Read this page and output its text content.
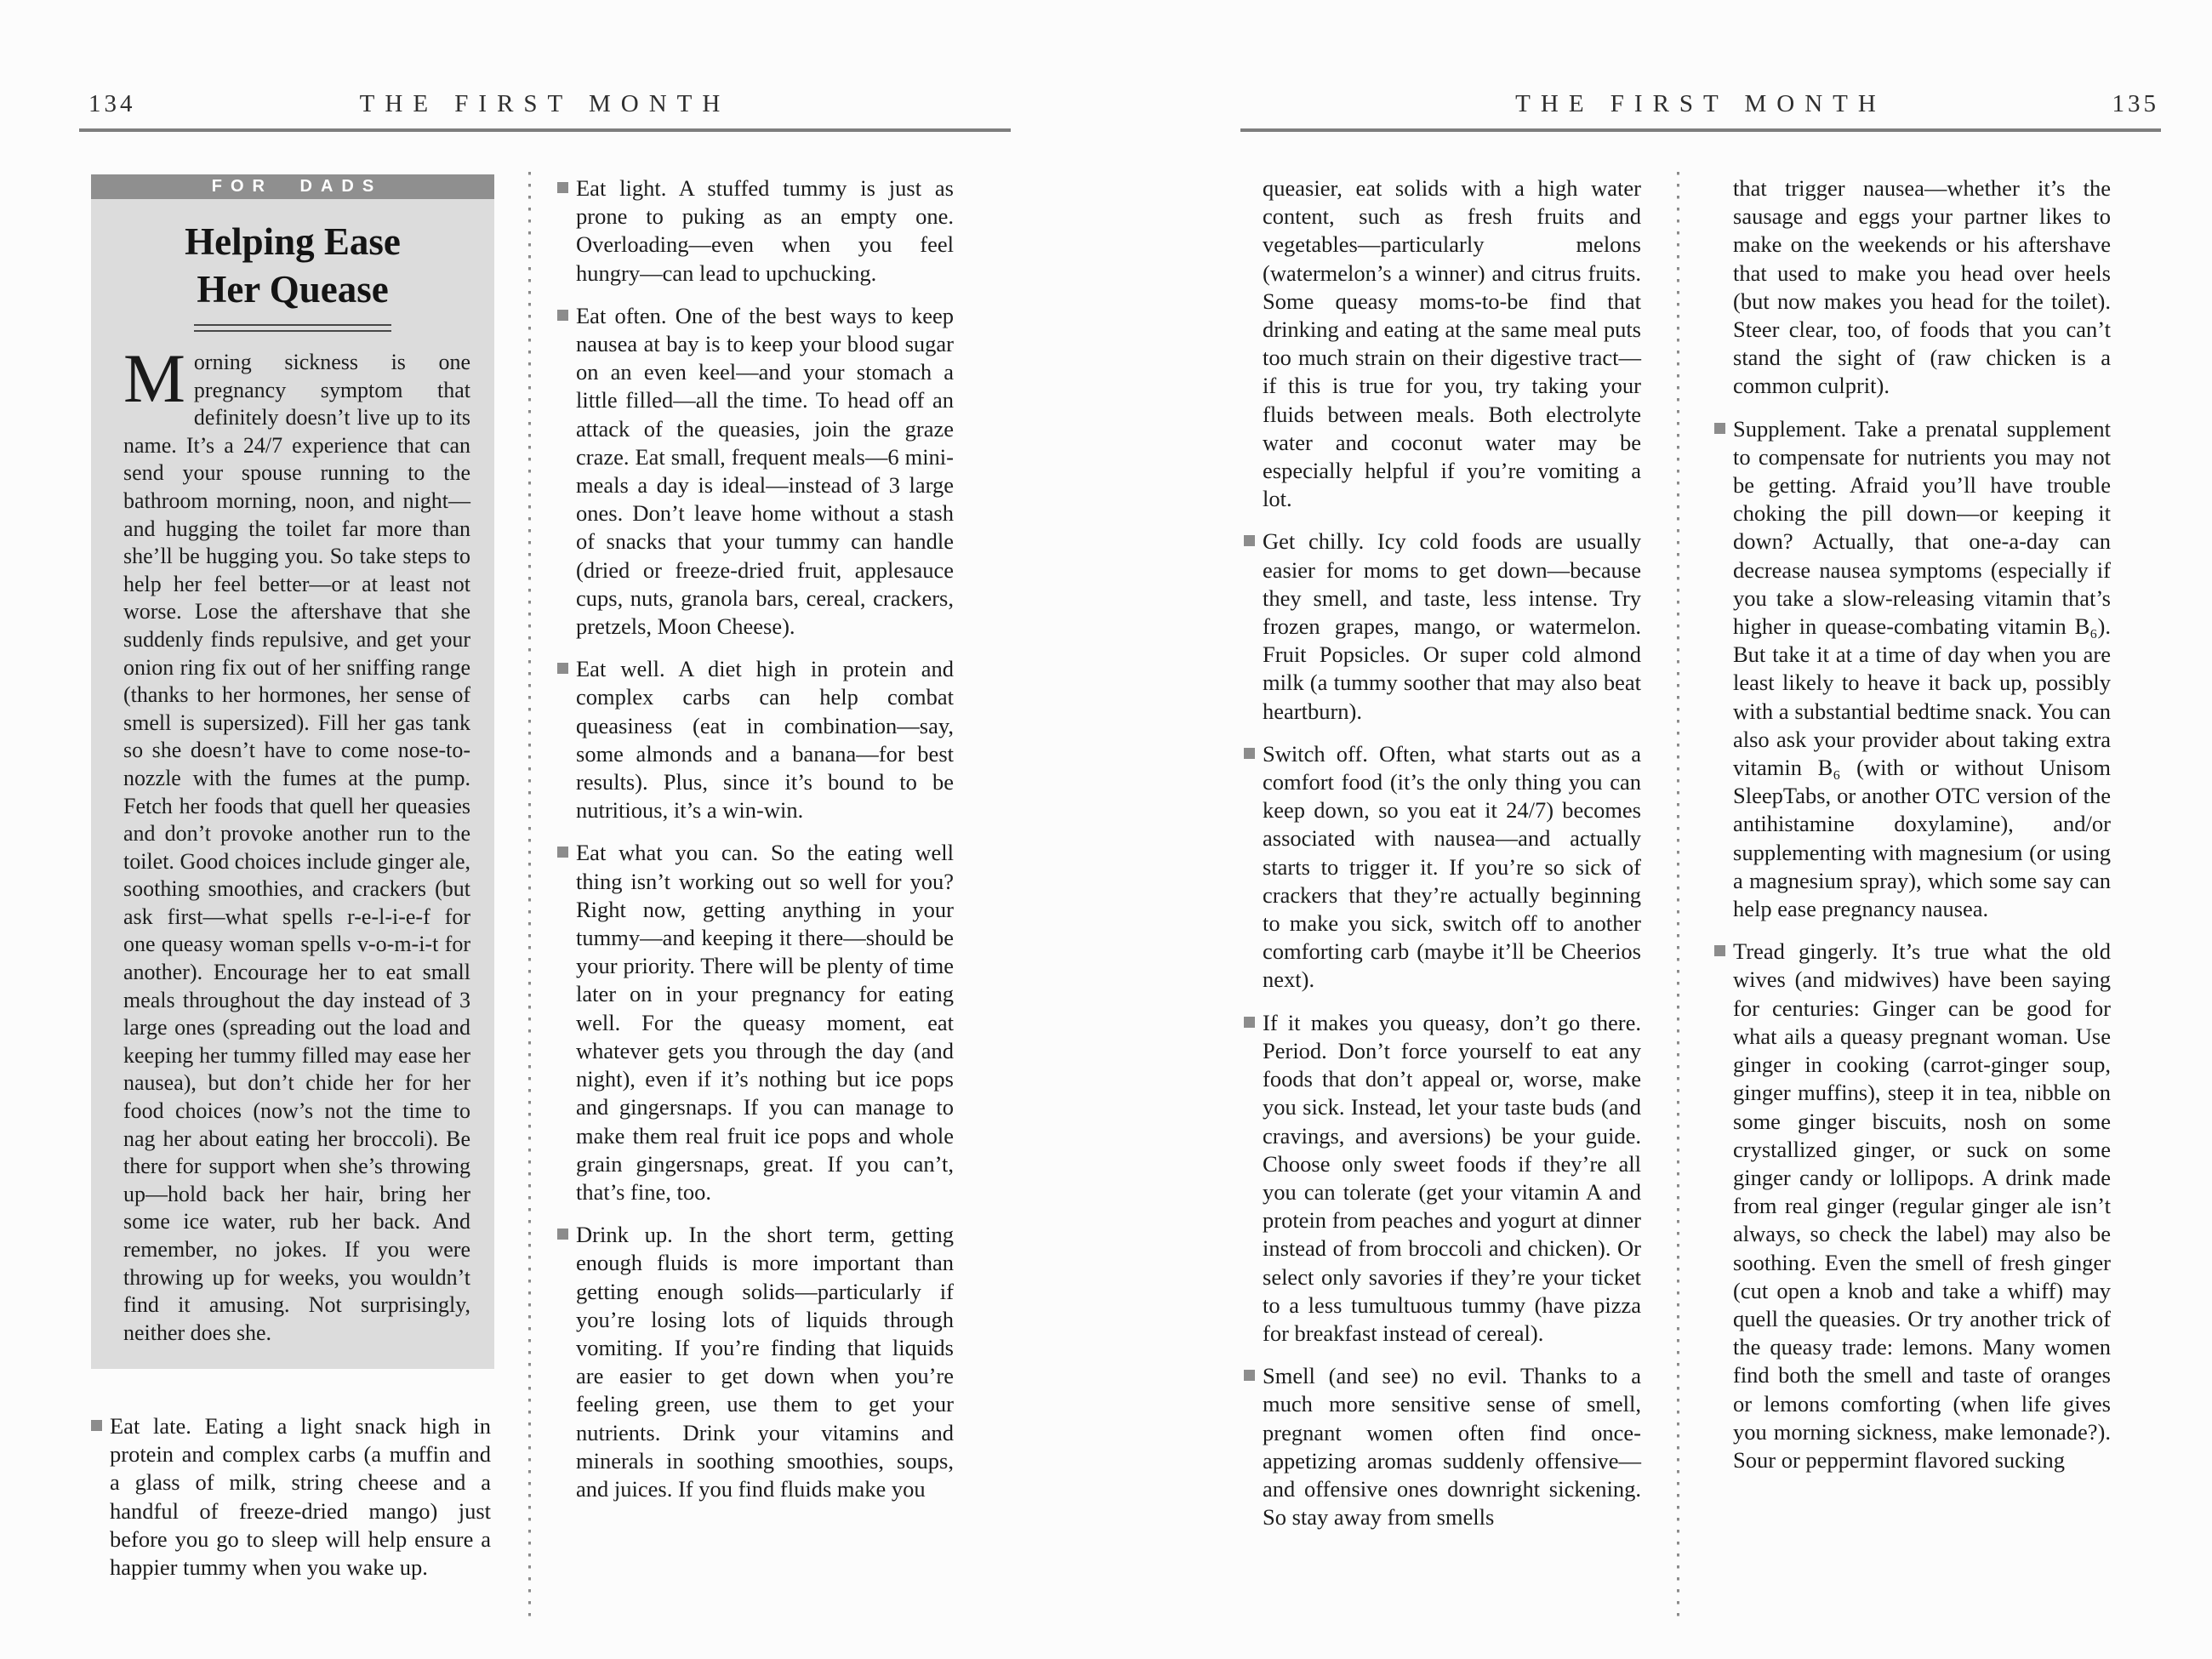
134	THE FIRST MONTH	THE FIRST MONTH	135
FOR DADS
Helping Ease
Her Quease
Morning sickness is one pregnancy symptom that definitely doesn’t live up to its name. It’s a 24/7 experience that can send your spouse running to the bathroom morning, noon, and night—and hugging the toilet far more than she’ll be hugging you. So take steps to help her feel better—or at least not worse. Lose the aftershave that she suddenly finds repulsive, and get your onion ring fix out of her sniffing range (thanks to her hormones, her sense of smell is supersized). Fill her gas tank so she doesn’t have to come nose-to-nozzle with the fumes at the pump. Fetch her foods that quell her queasies and don’t provoke another run to the toilet. Good choices include ginger ale, soothing smoothies, and crackers (but ask first—what spells r-e-l-i-e-f for one queasy woman spells v-o-m-i-t for another). Encourage her to eat small meals throughout the day instead of 3 large ones (spreading out the load and keeping her tummy filled may ease her nausea), but don’t chide her for her food choices (now’s not the time to nag her about eating her broccoli). Be there for support when she’s throwing up—hold back her hair, bring her some ice water, rub her back. And remember, no jokes. If you were throwing up for weeks, you wouldn’t find it amusing. Not surprisingly, neither does she.

Eat late. Eating a light snack high in protein and complex carbs (a muffin and a glass of milk, string cheese and a handful of freeze-dried mango) just before you go to sleep will help ensure a happier tummy when you wake up.

Eat light. A stuffed tummy is just as prone to puking as an empty one. Overloading—even when you feel hungry—can lead to upchucking.

Eat often. One of the best ways to keep nausea at bay is to keep your blood sugar on an even keel—and your stomach a little filled—all the time. To head off an attack of the queasies, join the graze craze. Eat small, frequent meals—6 mini-meals a day is ideal—instead of 3 large ones. Don’t leave home without a stash of snacks that your tummy can handle (dried or freeze-dried fruit, applesauce cups, nuts, granola bars, cereal, crackers, pretzels, Moon Cheese).

Eat well. A diet high in protein and complex carbs can help combat queasiness (eat in combination—say, some almonds and a banana—for best results). Plus, since it’s bound to be nutritious, it’s a win-win.

Eat what you can. So the eating well thing isn’t working out so well for you? Right now, getting anything in your tummy—and keeping it there—should be your priority. There will be plenty of time later on in your pregnancy for eating well. For the queasy moment, eat whatever gets you through the day (and night), even if it’s nothing but ice pops and gingersnaps. If you can manage to make them real fruit ice pops and whole grain gingersnaps, great. If you can’t, that’s fine, too.

Drink up. In the short term, getting enough fluids is more important than getting enough solids—particularly if you’re losing lots of liquids through vomiting. If you’re finding that liquids are easier to get down when you’re feeling green, use them to get your nutrients. Drink your vitamins and minerals in soothing smoothies, soups, and juices. If you find fluids make you

queasier, eat solids with a high water content, such as fresh fruits and vegetables—particularly melons (watermelon’s a winner) and citrus fruits. Some queasy moms-to-be find that drinking and eating at the same meal puts too much strain on their digestive tract—if this is true for you, try taking your fluids between meals. Both electrolyte water and coconut water may be especially helpful if you’re vomiting a lot.

Get chilly. Icy cold foods are usually easier for moms to get down—because they smell, and taste, less intense. Try frozen grapes, mango, or watermelon. Fruit Popsicles. Or super cold almond milk (a tummy soother that may also beat heartburn).

Switch off. Often, what starts out as a comfort food (it’s the only thing you can keep down, so you eat it 24/7) becomes associated with nausea—and actually starts to trigger it. If you’re so sick of crackers that they’re actually beginning to make you sick, switch off to another comforting carb (maybe it’ll be Cheerios next).

If it makes you queasy, don’t go there. Period. Don’t force yourself to eat any foods that don’t appeal or, worse, make you sick. Instead, let your taste buds (and cravings, and aversions) be your guide. Choose only sweet foods if they’re all you can tolerate (get your vitamin A and protein from peaches and yogurt at dinner instead of from broccoli and chicken). Or select only savories if they’re your ticket to a less tumultuous tummy (have pizza for breakfast instead of cereal).

Smell (and see) no evil. Thanks to a much more sensitive sense of smell, pregnant women often find once-appetizing aromas suddenly offensive—and offensive ones downright sickening. So stay away from smells

that trigger nausea—whether it’s the sausage and eggs your partner likes to make on the weekends or his aftershave that used to make you head over heels (but now makes you head for the toilet). Steer clear, too, of foods that you can’t stand the sight of (raw chicken is a common culprit).

Supplement. Take a prenatal supplement to compensate for nutrients you may not be getting. Afraid you’ll have trouble choking the pill down—or keeping it down? Actually, that one-a-day can decrease nausea symptoms (especially if you take a slow-releasing vitamin that’s higher in quease-combating vitamin B₆). But take it at a time of day when you are least likely to heave it back up, possibly with a substantial bedtime snack. You can also ask your provider about taking extra vitamin B₆ (with or without Unisom SleepTabs, or another OTC version of the antihistamine doxylamine), and/or supplementing with magnesium (or using a magnesium spray), which some say can help ease pregnancy nausea.

Tread gingerly. It’s true what the old wives (and midwives) have been saying for centuries: Ginger can be good for what ails a queasy pregnant woman. Use ginger in cooking (carrot-ginger soup, ginger muffins), steep it in tea, nibble on some ginger biscuits, nosh on some crystallized ginger, or suck on some ginger candy or lollipops. A drink made from real ginger (regular ginger ale isn’t always, so check the label) may also be soothing. Even the smell of fresh ginger (cut open a knob and take a whiff) may quell the queasies. Or try another trick of the queasy trade: lemons. Many women find both the smell and taste of oranges or lemons comforting (when life gives you morning sickness, make lemonade?). Sour or peppermint flavored sucking
